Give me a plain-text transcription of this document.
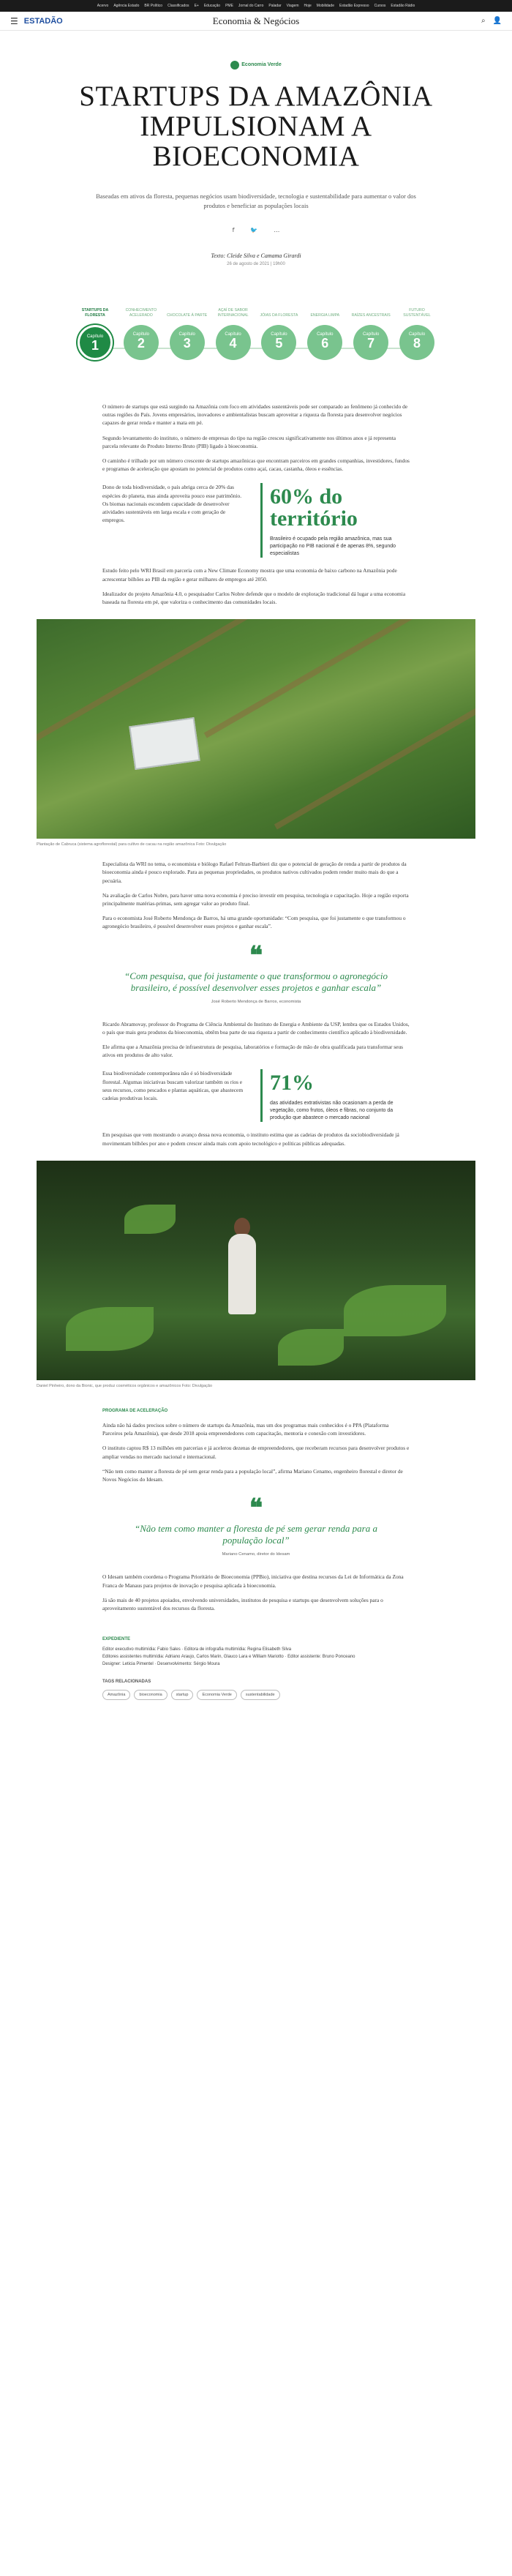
Acervo Agência Estado BR Político Classificados E+ Educação PME Jornal do Carro Paladar Viagem Hoje Mobilidade Estadão Expresso Cursos Estadão Rádio
☰ ESTADÃO	Economia & Negócios	⌕ 👤
Economia Verde
STARTUPS DA AMAZÔNIA IMPULSIONAM A BIOECONOMIA

Baseadas em ativos da floresta, pequenas negócios usam biodiversidade, tecnologia e sustentabilidade para aumentar o valor dos produtos e beneficiar as populações locais

f	🐦	…
Texto: Cleide Silva e Camama Girardi
26 de agosto de 2021 | 19h00
STARTUPS DA FLORESTA
Capítulo
1
CONHECIMENTO ACELERADO
Capítulo
2
CHOCOLATE À PARTE
Capítulo
3
AÇAÍ DE SABOR INTERNACIONAL
Capítulo
4
JÓIAS DA FLORESTA
Capítulo
5
ENERGIA LIMPA
Capítulo
6
RAÍZES ANCESTRAIS
Capítulo
7
FUTURO SUSTENTÁVEL
Capítulo
8

O número de startups que está surgindo na Amazônia com foco em atividades sustentáveis pode ser comparado ao fenômeno já conhecido de outras regiões do País. Jovens empresários, inovadores e ambientalistas buscam aproveitar a riqueza da floresta para desenvolver negócios capazes de gerar renda e manter a mata em pé.

Segundo levantamento do instituto, o número de empresas do tipo na região cresceu significativamente nos últimos anos e já representa parcela relevante do Produto Interno Bruto (PIB) ligado à bioeconomia.

O caminho é trilhado por um número crescente de startups amazônicas que encontram parceiros em grandes companhias, investidores, fundos e programas de aceleração que apostam no potencial de produtos como açaí, cacau, castanha, óleos e essências.

Dono de toda biodiversidade, o país abriga cerca de 20% das espécies do planeta, mas ainda aproveita pouco esse patrimônio. Os biomas nacionais escondem capacidade de desenvolver atividades sustentáveis em larga escala e com geração de empregos.

60% do território
Brasileiro é ocupado pela região amazônica, mas sua participação no PIB nacional é de apenas 8%, segundo especialistas

Estudo feito pelo WRI Brasil em parceria com a New Climate Economy mostra que uma economia de baixo carbono na Amazônia pode acrescentar bilhões ao PIB da região e gerar milhares de empregos até 2050.

Idealizador do projeto Amazônia 4.0, o pesquisador Carlos Nobre defende que o modelo de exploração tradicional dá lugar a uma economia baseada na floresta em pé, que valoriza o conhecimento das comunidades locais.

Plantação de Cabruca (sistema agroflorestal) para cultivo de cacau na região amazônica Foto: Divulgação

Especialista da WRI no tema, o economista e biólogo Rafael Feltran-Barbieri diz que o potencial de geração de renda a partir de produtos da bioeconomia ainda é pouco explorado. Para as pequenas propriedades, os produtos nativos cultivados podem render muito mais do que a pecuária.

Na avaliação de Carlos Nobre, para haver uma nova economia é preciso investir em pesquisa, tecnologia e capacitação. Hoje a região exporta principalmente matérias-primas, sem agregar valor ao produto final.

Para o economista José Roberto Mendonça de Barros, há uma grande oportunidade: “Com pesquisa, que foi justamente o que transformou o agronegócio brasileiro, é possível desenvolver esses projetos e ganhar escala”.

❝
“Com pesquisa, que foi justamente o que transformou o agronegócio brasileiro, é possível desenvolver esses projetos e ganhar escala”
José Roberto Mendonça de Barros, economista

Ricardo Abramovay, professor do Programa de Ciência Ambiental do Instituto de Energia e Ambiente da USP, lembra que os Estados Unidos, o país que mais gera produtos da bioeconomia, obtêm boa parte de sua riqueza a partir de conhecimento científico aplicado à biodiversidade.

Ele afirma que a Amazônia precisa de infraestrutura de pesquisa, laboratórios e formação de mão de obra qualificada para transformar seus ativos em produtos de alto valor.

Essa biodiversidade contemporânea não é só biodiversidade florestal. Algumas iniciativas buscam valorizar também os rios e seus recursos, como pescados e plantas aquáticas, que abastecem cadeias produtivas locais.

71%
das atividades extrativistas não ocasionam a perda de vegetação, como frutos, óleos e fibras, no conjunto da produção que abastece o mercado nacional

Em pesquisas que vem mostrando o avanço dessa nova economia, o instituto estima que as cadeias de produtos da sociobiodiversidade já movimentam bilhões por ano e podem crescer ainda mais com apoio tecnológico e políticas públicas adequadas.

Daniel Pinheiro, dono da Bionic, que produz cosméticos orgânicos e amazônicos Foto: Divulgação
PROGRAMA DE ACELERAÇÃO

Ainda não há dados precisos sobre o número de startups da Amazônia, mas um dos programas mais conhecidos é o PPA (Plataforma Parceiros pela Amazônia), que desde 2018 apoia empreendedores com capacitação, mentoria e conexão com investidores.

O instituto captou R$ 13 milhões em parcerias e já acelerou dezenas de empreendedores, que receberam recursos para desenvolver produtos e ampliar vendas no mercado nacional e internacional.

“Não tem como manter a floresta de pé sem gerar renda para a população local”, afirma Mariano Cenamo, engenheiro florestal e diretor de Novos Negócios do Idesam.

❝
“Não tem como manter a floresta de pé sem gerar renda para a população local”
Mariano Cenamo, diretor do Idesam

O Idesam também coordena o Programa Prioritário de Bioeconomia (PPBio), iniciativa que destina recursos da Lei de Informática da Zona Franca de Manaus para projetos de inovação e pesquisa aplicada à bioeconomia.

Já são mais de 40 projetos apoiados, envolvendo universidades, institutos de pesquisa e startups que desenvolvem soluções para o aproveitamento sustentável dos recursos da floresta.

EXPEDIENTE
Editor executivo multimídia: Fabio Sales · Editora de infografia multimídia: Regina Elisabeth Silva
Editores assistentes multimídia: Adriano Araujo, Carlos Marin, Glauco Lara e William Mariotto · Editor assistente: Bruno Ponceano
Designer: Leticia Pimentel · Desenvolvimento: Sérgio Moura
TAGS RELACIONADAS
Amazônia	bioeconomia	startup	Economia Verde	sustentabilidade
